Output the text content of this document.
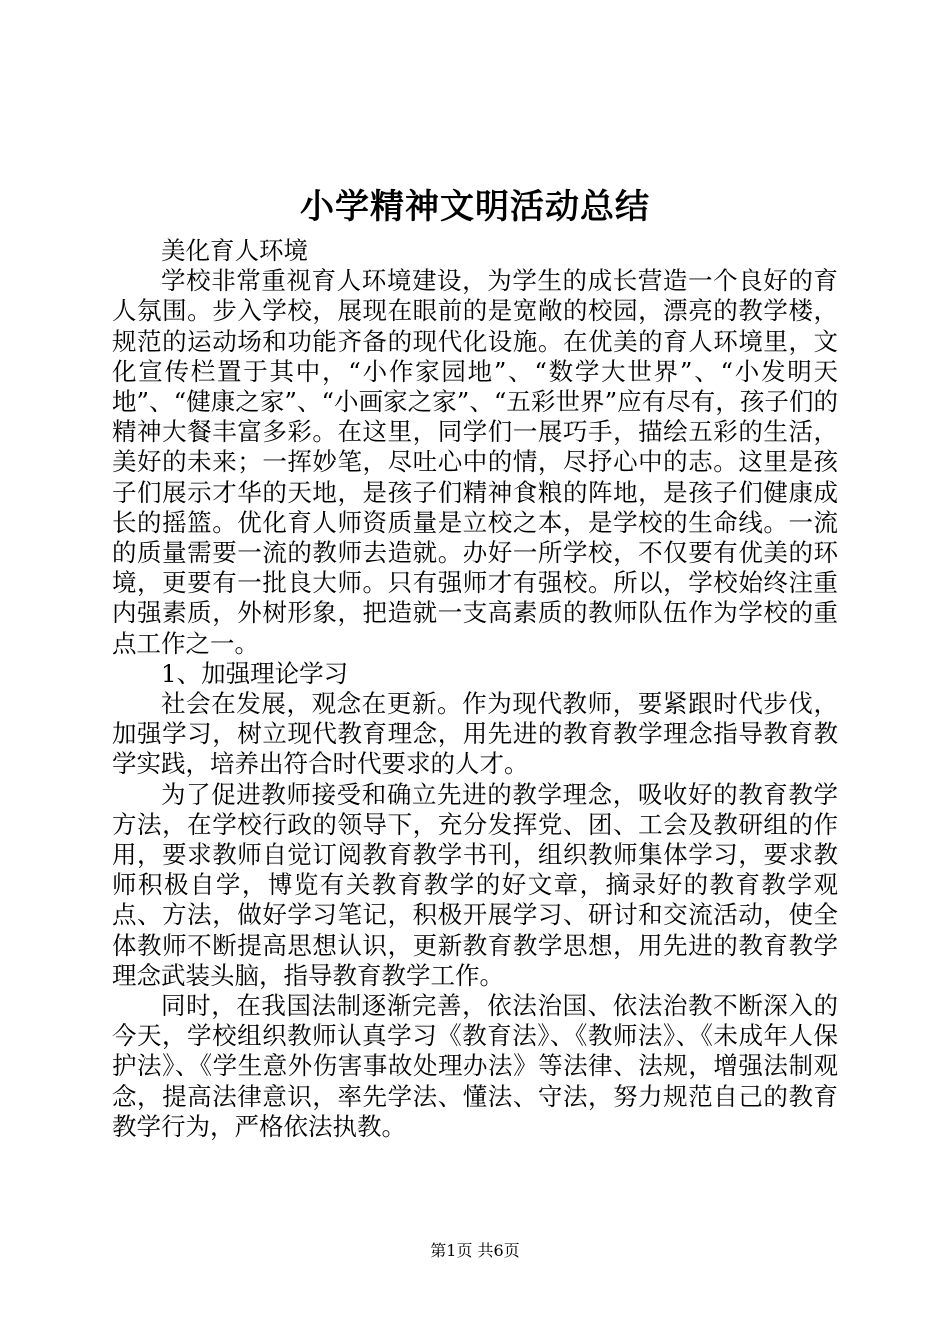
小学精神文明活动总结

美化育人环境

学校非常重视育人环境建设，为学生的成长营造一个良好的育人氛围。步入学校，展现在眼前的是宽敞的校园，漂亮的教学楼，规范的运动场和功能齐备的现代化设施。在优美的育人环境里，文化宣传栏置于其中，“小作家园地”、“数学大世界”、“小发明天地”、“健康之家”、“小画家之家”、“五彩世界”应有尽有，孩子们的精神大餐丰富多彩。在这里，同学们一展巧手，描绘五彩的生活，美好的未来；一挥妙笔，尽吐心中的情，尽抒心中的志。这里是孩子们展示才华的天地，是孩子们精神食粮的阵地，是孩子们健康成长的摇篮。优化育人师资质量是立校之本，是学校的生命线。一流的质量需要一流的教师去造就。办好一所学校，不仅要有优美的环境，更要有一批良大师。只有强师才有强校。所以，学校始终注重内强素质，外树形象，把造就一支高素质的教师队伍作为学校的重点工作之一。

1、加强理论学习

社会在发展，观念在更新。作为现代教师，要紧跟时代步伐，加强学习，树立现代教育理念，用先进的教育教学理念指导教育教学实践，培养出符合时代要求的人才。

为了促进教师接受和确立先进的教学理念，吸收好的教育教学方法，在学校行政的领导下，充分发挥党、团、工会及教研组的作用，要求教师自觉订阅教育教学书刊，组织教师集体学习，要求教师积极自学，博览有关教育教学的好文章，摘录好的教育教学观点、方法，做好学习笔记，积极开展学习、研讨和交流活动，使全体教师不断提高思想认识，更新教育教学思想，用先进的教育教学理念武装头脑，指导教育教学工作。

同时，在我国法制逐渐完善，依法治国、依法治教不断深入的今天，学校组织教师认真学习《教育法》、《教师法》、《未成年人保护法》、《学生意外伤害事故处理办法》等法律、法规，增强法制观念，提高法律意识，率先学法、懂法、守法，努力规范自己的教育教学行为，严格依法执教。

第1页 共6页
